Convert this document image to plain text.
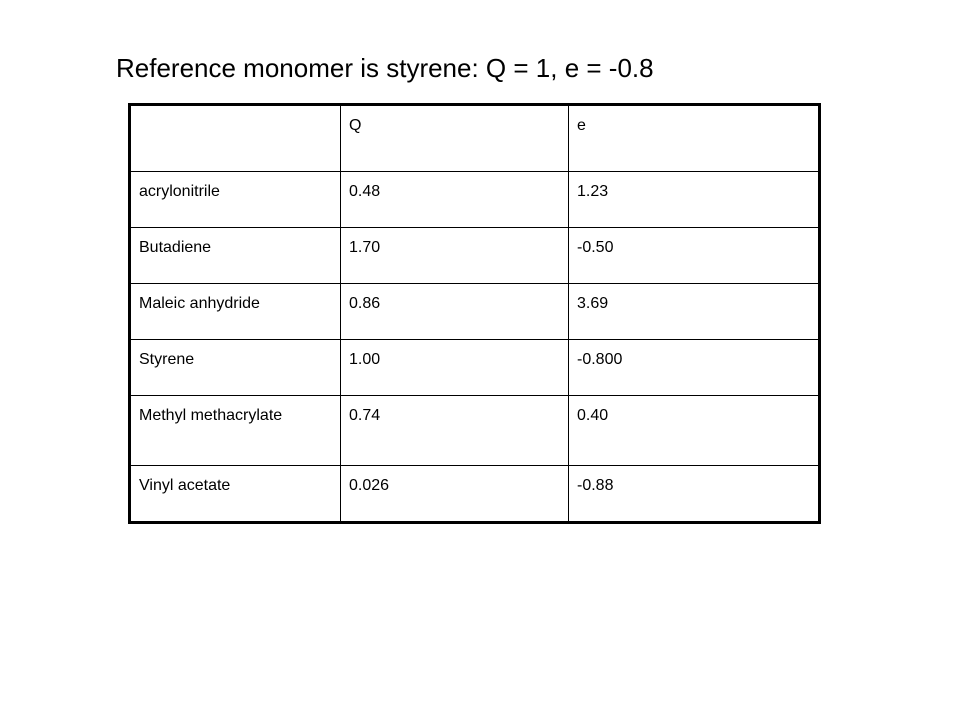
Reference monomer is styrene: Q = 1, e = -0.8
	Q	e
acrylonitrile	0.48	1.23
Butadiene	1.70	-0.50
Maleic anhydride	0.86	3.69
Styrene	1.00	-0.800
Methyl methacrylate	0.74	0.40
Vinyl acetate	0.026	-0.88
